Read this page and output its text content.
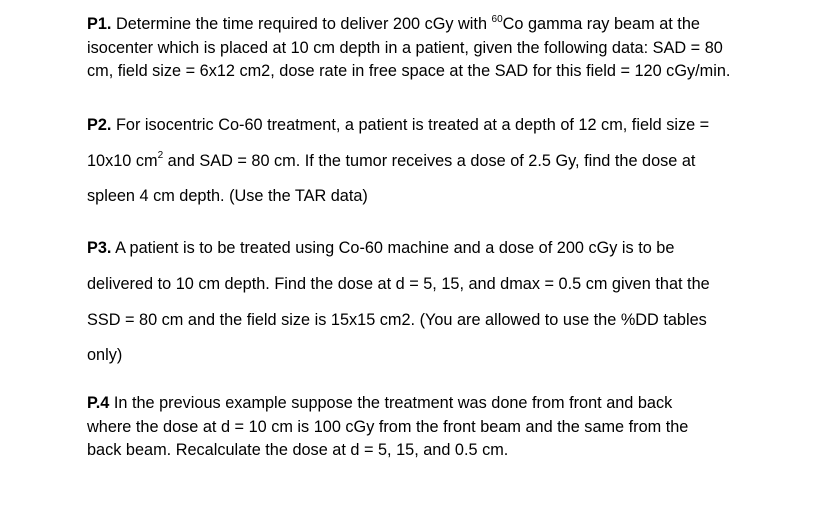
P1. Determine the time required to deliver 200 cGy with $^{60}$Co gamma ray beam at the
isocenter which is placed at 10 cm depth in a patient, given the following data: SAD = 80
cm, field size = 6x12 cm2, dose rate in free space at the SAD for this field = 120 cGy/min.
P2. For isocentric Co-60 treatment, a patient is treated at a depth of 12 cm, field size =
10x10 $cm^2$ and SAD = 80 cm. If the tumor receives a dose of 2.5 Gy, find the dose at
spleen 4 cm depth. (Use the TAR data)
P3. A patient is to be treated using Co-60 machine and a dose of 200 cGy is to be
delivered to 10 cm depth. Find the dose at d = 5, 15, and dmax = 0.5 cm given that the
SSD = 80 cm and the field size is 15x15 cm2. (You are allowed to use the %DD tables
only)
P.4 In the previous example suppose the treatment was done from front and back
where the dose at d = 10 cm is 100 cGy from the front beam and the same from the
back beam. Recalculate the dose at d = 5, 15, and 0.5 cm.
